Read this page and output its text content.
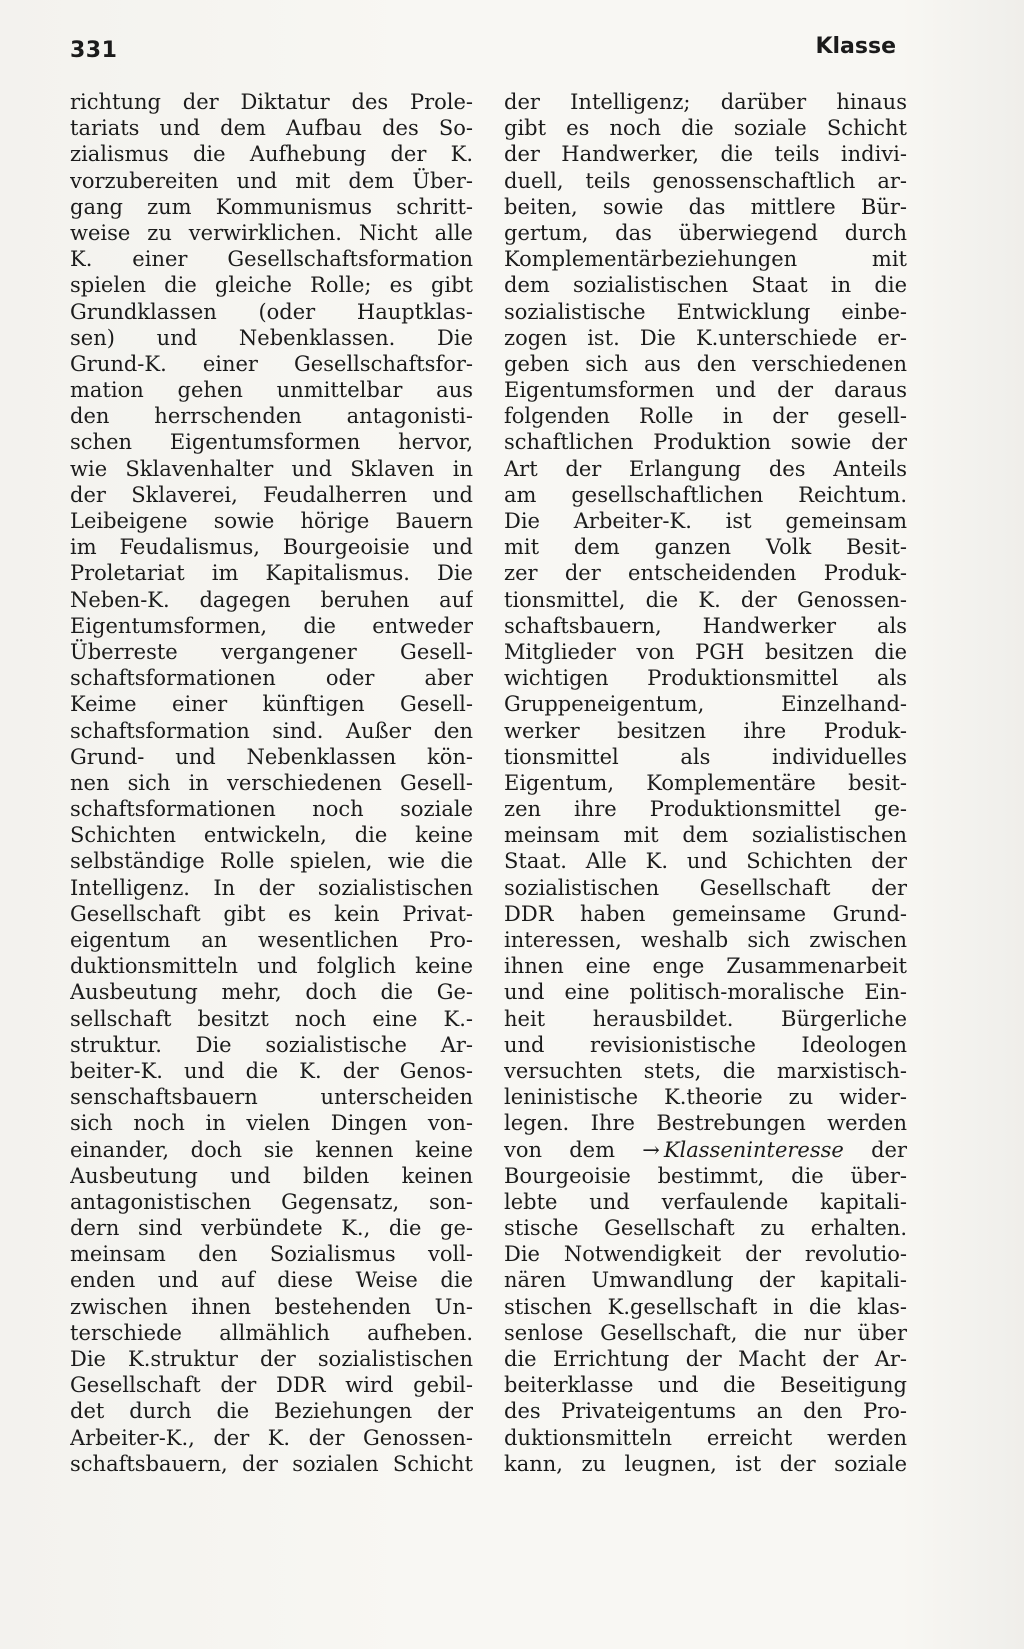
331	Klasse
richtung der Diktatur des Prole-
tariats und dem Aufbau des So-
zialismus die Aufhebung der K.
vorzubereiten und mit dem Über-
gang zum Kommunismus schritt-
weise zu verwirklichen. Nicht alle
K. einer Gesellschaftsformation
spielen die gleiche Rolle; es gibt
Grundklassen (oder Hauptklas-
sen) und Nebenklassen. Die
Grund-K. einer Gesellschaftsfor-
mation gehen unmittelbar aus
den herrschenden antagonisti-
schen Eigentumsformen hervor,
wie Sklavenhalter und Sklaven in
der Sklaverei, Feudalherren und
Leibeigene sowie hörige Bauern
im Feudalismus, Bourgeoisie und
Proletariat im Kapitalismus. Die
Neben-K. dagegen beruhen auf
Eigentumsformen, die entweder
Überreste vergangener Gesell-
schaftsformationen oder aber
Keime einer künftigen Gesell-
schaftsformation sind. Außer den
Grund- und Nebenklassen kön-
nen sich in verschiedenen Gesell-
schaftsformationen noch soziale
Schichten entwickeln, die keine
selbständige Rolle spielen, wie die
Intelligenz. In der sozialistischen
Gesellschaft gibt es kein Privat-
eigentum an wesentlichen Pro-
duktionsmitteln und folglich keine
Ausbeutung mehr, doch die Ge-
sellschaft besitzt noch eine K.-
struktur. Die sozialistische Ar-
beiter-K. und die K. der Genos-
senschaftsbauern unterscheiden
sich noch in vielen Dingen von-
einander, doch sie kennen keine
Ausbeutung und bilden keinen
antagonistischen Gegensatz, son-
dern sind verbündete K., die ge-
meinsam den Sozialismus voll-
enden und auf diese Weise die
zwischen ihnen bestehenden Un-
terschiede allmählich aufheben.
Die K.struktur der sozialistischen
Gesellschaft der DDR wird gebil-
det durch die Beziehungen der
Arbeiter-K., der K. der Genossen-
schaftsbauern, der sozialen Schicht
der Intelligenz; darüber hinaus
gibt es noch die soziale Schicht
der Handwerker, die teils indivi-
duell, teils genossenschaftlich ar-
beiten, sowie das mittlere Bür-
gertum, das überwiegend durch
Komplementärbeziehungen mit
dem sozialistischen Staat in die
sozialistische Entwicklung einbe-
zogen ist. Die K.unterschiede er-
geben sich aus den verschiedenen
Eigentumsformen und der daraus
folgenden Rolle in der gesell-
schaftlichen Produktion sowie der
Art der Erlangung des Anteils
am gesellschaftlichen Reichtum.
Die Arbeiter-K. ist gemeinsam
mit dem ganzen Volk Besit-
zer der entscheidenden Produk-
tionsmittel, die K. der Genossen-
schaftsbauern, Handwerker als
Mitglieder von PGH besitzen die
wichtigen Produktionsmittel als
Gruppeneigentum, Einzelhand-
werker besitzen ihre Produk-
tionsmittel als individuelles
Eigentum, Komplementäre besit-
zen ihre Produktionsmittel ge-
meinsam mit dem sozialistischen
Staat. Alle K. und Schichten der
sozialistischen Gesellschaft der
DDR haben gemeinsame Grund-
interessen, weshalb sich zwischen
ihnen eine enge Zusammenarbeit
und eine politisch-moralische Ein-
heit herausbildet. Bürgerliche
und revisionistische Ideologen
versuchten stets, die marxistisch-
leninistische K.theorie zu wider-
legen. Ihre Bestrebungen werden
von dem → Klasseninteresse der
Bourgeoisie bestimmt, die über-
lebte und verfaulende kapitali-
stische Gesellschaft zu erhalten.
Die Notwendigkeit der revolutio-
nären Umwandlung der kapitali-
stischen K.gesellschaft in die klas-
senlose Gesellschaft, die nur über
die Errichtung der Macht der Ar-
beiterklasse und die Beseitigung
des Privateigentums an den Pro-
duktionsmitteln erreicht werden
kann, zu leugnen, ist der soziale
